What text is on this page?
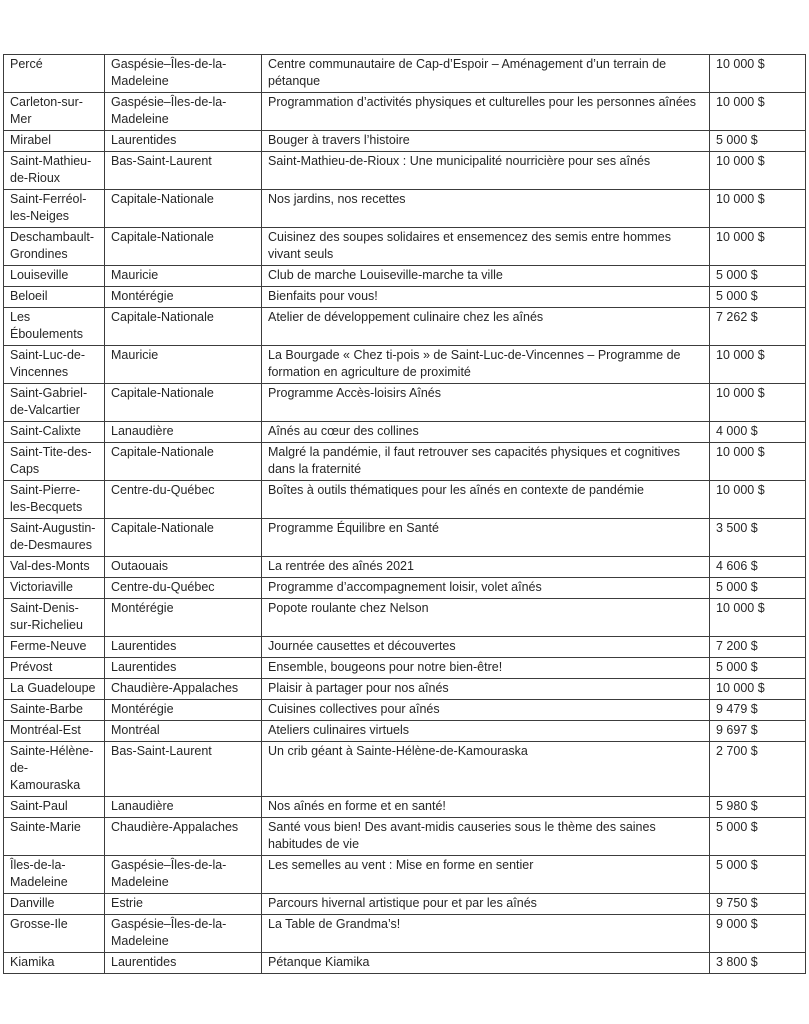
Percé	Gaspésie–Îles-de-la-Madeleine	Centre communautaire de Cap-d’Espoir – Aménagement d’un terrain de pétanque	10 000 $
Carleton-sur-Mer	Gaspésie–Îles-de-la-Madeleine	Programmation d’activités physiques et culturelles pour les personnes aînées	10 000 $
Mirabel	Laurentides	Bouger à travers l’histoire	5 000 $
Saint-Mathieu-de-Rioux	Bas-Saint-Laurent	Saint-Mathieu-de-Rioux : Une municipalité nourricière pour ses aînés	10 000 $
Saint-Ferréol-les-Neiges	Capitale-Nationale	Nos jardins, nos recettes	10 000 $
Deschambault-Grondines	Capitale-Nationale	Cuisinez des soupes solidaires et ensemencez des semis entre hommes vivant seuls	10 000 $
Louiseville	Mauricie	Club de marche Louiseville-marche ta ville	5 000 $
Beloeil	Montérégie	Bienfaits pour vous!	5 000 $
Les Éboulements	Capitale-Nationale	Atelier de développement culinaire chez les aînés	7 262 $
Saint-Luc-de-Vincennes	Mauricie	La Bourgade « Chez ti-pois » de Saint-Luc-de-Vincennes – Programme de formation en agriculture de proximité	10 000 $
Saint-Gabriel-de-Valcartier	Capitale-Nationale	Programme Accès-loisirs Aînés	10 000 $
Saint-Calixte	Lanaudière	Aînés au cœur des collines	4 000 $
Saint-Tite-des-Caps	Capitale-Nationale	Malgré la pandémie, il faut retrouver ses capacités physiques et cognitives dans la fraternité	10 000 $
Saint-Pierre-les-Becquets	Centre-du-Québec	Boîtes à outils thématiques pour les aînés en contexte de pandémie	10 000 $
Saint-Augustin-de-Desmaures	Capitale-Nationale	Programme Équilibre en Santé	3 500 $
Val-des-Monts	Outaouais	La rentrée des aînés 2021	4 606 $
Victoriaville	Centre-du-Québec	Programme d’accompagnement loisir, volet aînés	5 000 $
Saint-Denis-sur-Richelieu	Montérégie	Popote roulante chez Nelson	10 000 $
Ferme-Neuve	Laurentides	Journée causettes et découvertes	7 200 $
Prévost	Laurentides	Ensemble, bougeons pour notre bien-être!	5 000 $
La Guadeloupe	Chaudière-Appalaches	Plaisir à partager pour nos aînés	10 000 $
Sainte-Barbe	Montérégie	Cuisines collectives pour aînés	9 479 $
Montréal-Est	Montréal	Ateliers culinaires virtuels	9 697 $
Sainte-Hélène-de-Kamouraska	Bas-Saint-Laurent	Un crib géant à Sainte-Hélène-de-Kamouraska	2 700 $
Saint-Paul	Lanaudière	Nos aînés en forme et en santé!	5 980 $
Sainte-Marie	Chaudière-Appalaches	Santé vous bien! Des avant-midis causeries sous le thème des saines habitudes de vie	5 000 $
Îles-de-la-Madeleine	Gaspésie–Îles-de-la-Madeleine	Les semelles au vent : Mise en forme en sentier	5 000 $
Danville	Estrie	Parcours hivernal artistique pour et par les aînés	9 750 $
Grosse-Ile	Gaspésie–Îles-de-la-Madeleine	La Table de Grandma’s!	9 000 $
Kiamika	Laurentides	Pétanque Kiamika	3 800 $
